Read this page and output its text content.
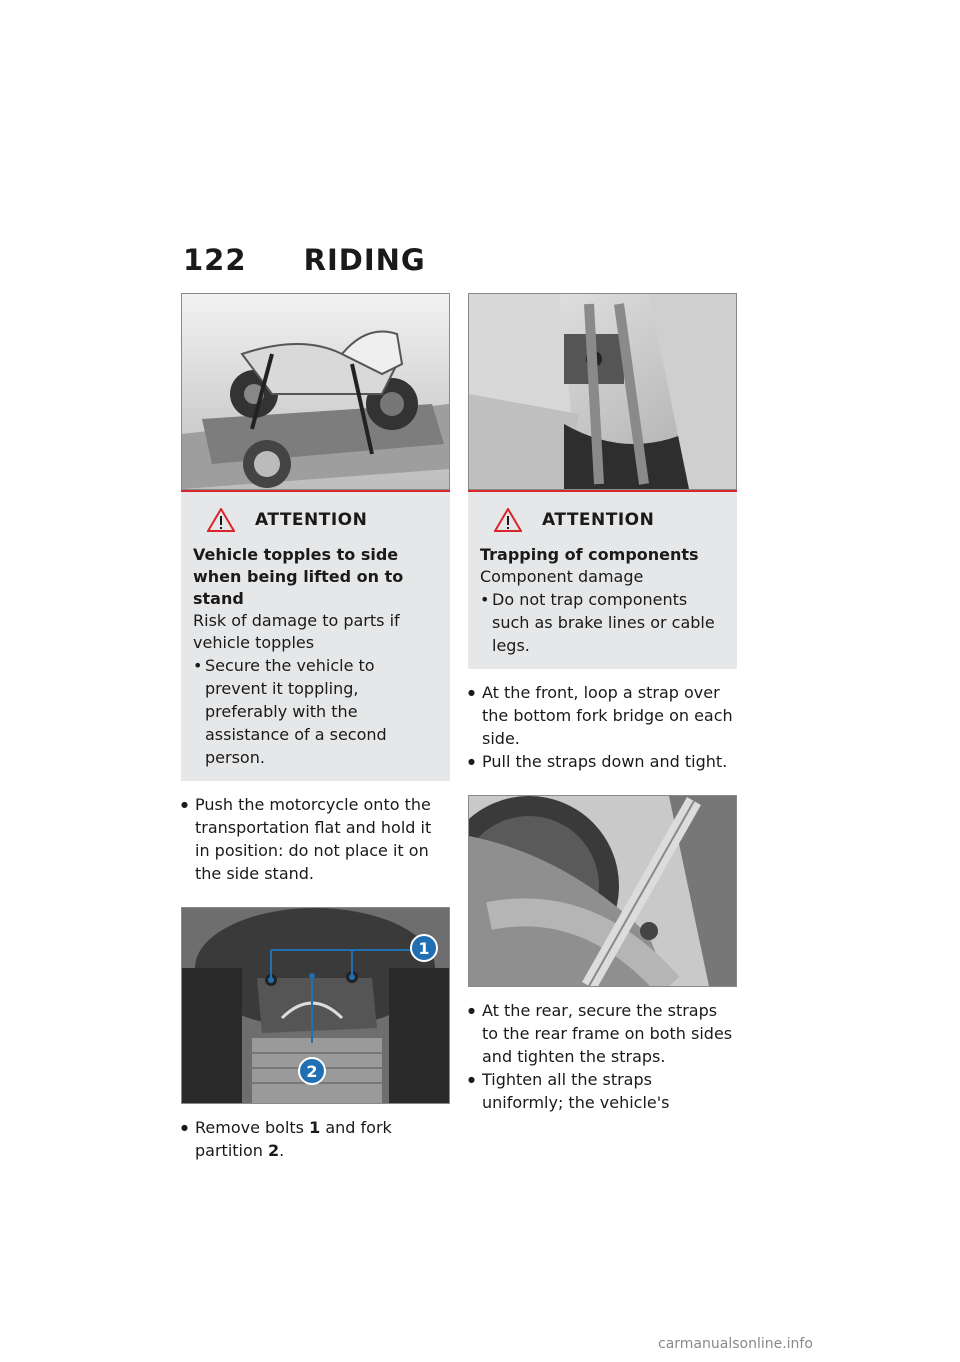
122 RIDING
ATTENTION
Vehicle topples to side when being lifted on to stand
Risk of damage to parts if vehicle topples
• Secure the vehicle to prevent it toppling, preferably with the assistance of a second person.
● Push the motorcycle onto the transportation flat and hold it in position: do not place it on the side stand.
1
2
● Remove bolts 1 and fork partition 2.
ATTENTION
Trapping of components
Component damage
• Do not trap components such as brake lines or cable legs.
● At the front, loop a strap over the bottom fork bridge on each side.
● Pull the straps down and tight.
● At the rear, secure the straps to the rear frame on both sides and tighten the straps.
● Tighten all the straps uniformly; the vehicle's
carmanualsonline.info
